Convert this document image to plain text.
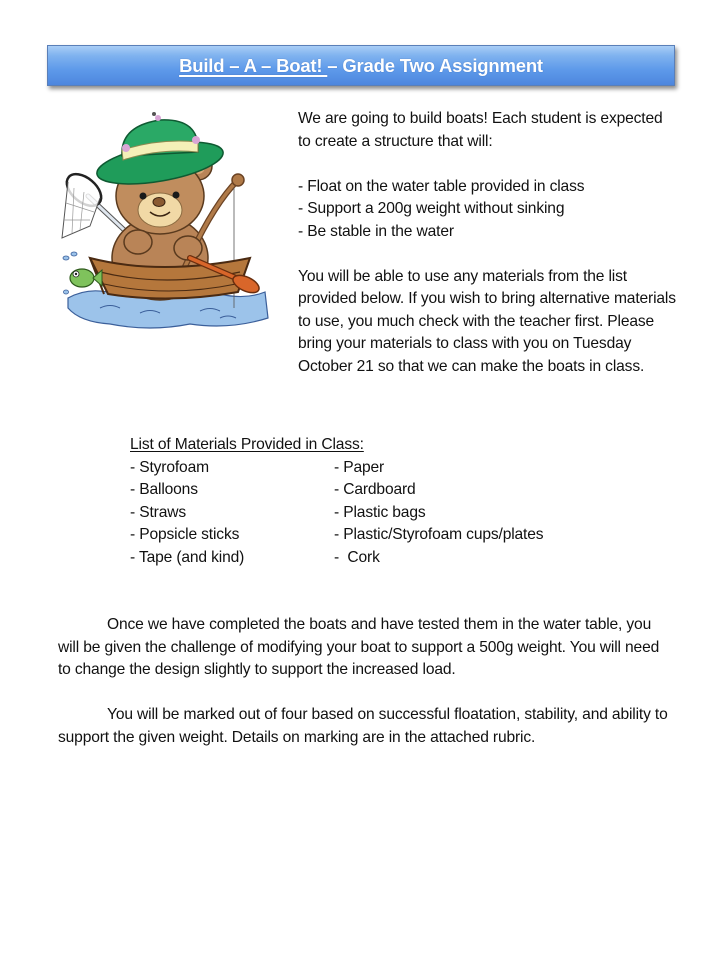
Build – A – Boat! – Grade Two Assignment

We are going to build boats! Each student is expected to create a structure that will:

- Float on the water table provided in class

- Support a 200g weight without sinking

- Be stable in the water

You will be able to use any materials from the list provided below. If you wish to bring alternative materials to use, you much check with the teacher first. Please bring your materials to class with you on Tuesday October 21 so that we can make the boats in class.

List of Materials Provided in Class:

- Styrofoam	- Paper
- Balloons	- Cardboard
- Straws	- Plastic bags
- Popsicle sticks	- Plastic/Styrofoam cups/plates
- Tape (and kind)	-  Cork

Once we have completed the boats and have tested them in the water table, you will be given the challenge of modifying your boat to support a 500g weight. You will need to change the design slightly to support the increased load.

You will be marked out of four based on successful floatation, stability, and ability to support the given weight. Details on marking are in the attached rubric.
